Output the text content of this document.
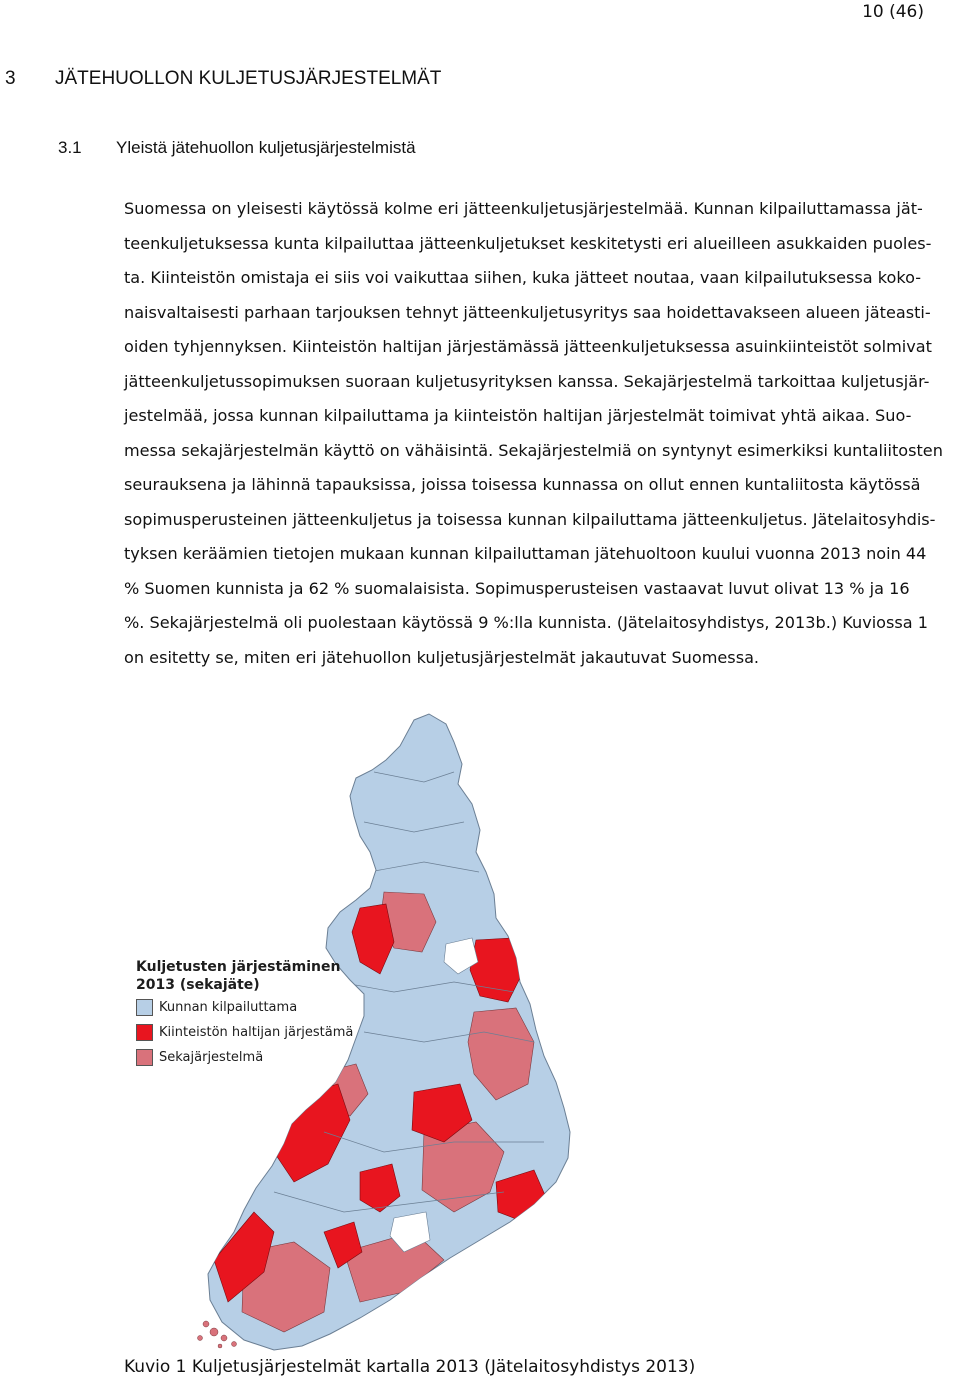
10 (46)
3 JÄTEHUOLLON KULJETUSJÄRJESTELMÄT
3.1 Yleistä jätehuollon kuljetusjärjestelmistä
Suomessa on yleisesti käytössä kolme eri jätteenkuljetusjärjestelmää. Kunnan kilpailuttamassa jät-
teenkuljetuksessa kunta kilpailuttaa jätteenkuljetukset keskitetysti eri alueilleen asukkaiden puoles-
ta. Kiinteistön omistaja ei siis voi vaikuttaa siihen, kuka jätteet noutaa, vaan kilpailutuksessa koko-
naisvaltaisesti parhaan tarjouksen tehnyt jätteenkuljetusyritys saa hoidettavakseen alueen jäteasti-
oiden tyhjennyksen. Kiinteistön haltijan järjestämässä jätteenkuljetuksessa asuinkiinteistöt solmivat
jätteenkuljetussopimuksen suoraan kuljetusyrityksen kanssa. Sekajärjestelmä tarkoittaa kuljetusjär-
jestelmää, jossa kunnan kilpailuttama ja kiinteistön haltijan järjestelmät toimivat yhtä aikaa. Suo-
messa sekajärjestelmän käyttö on vähäisintä. Sekajärjestelmiä on syntynyt esimerkiksi kuntaliitosten
seurauksena ja lähinnä tapauksissa, joissa toisessa kunnassa on ollut ennen kuntaliitosta käytössä
sopimusperusteinen jätteenkuljetus ja toisessa kunnan kilpailuttama jätteenkuljetus. Jätelaitosyhdis-
tyksen keräämien tietojen mukaan kunnan kilpailuttaman jätehuoltoon kuului vuonna 2013 noin 44
% Suomen kunnista ja 62 % suomalaisista. Sopimusperusteisen vastaavat luvut olivat 13 % ja 16
%. Sekajärjestelmä oli puolestaan käytössä 9 %:lla kunnista. (Jätelaitosyhdistys, 2013b.) Kuviossa 1
on esitetty se, miten eri jätehuollon kuljetusjärjestelmät jakautuvat Suomessa.
Kuljetusten järjestäminen
2013 (sekajäte)
Kunnan kilpailuttama
Kiinteistön haltijan järjestämä
Sekajärjestelmä
Kuvio 1 Kuljetusjärjestelmät kartalla 2013 (Jätelaitosyhdistys 2013)
